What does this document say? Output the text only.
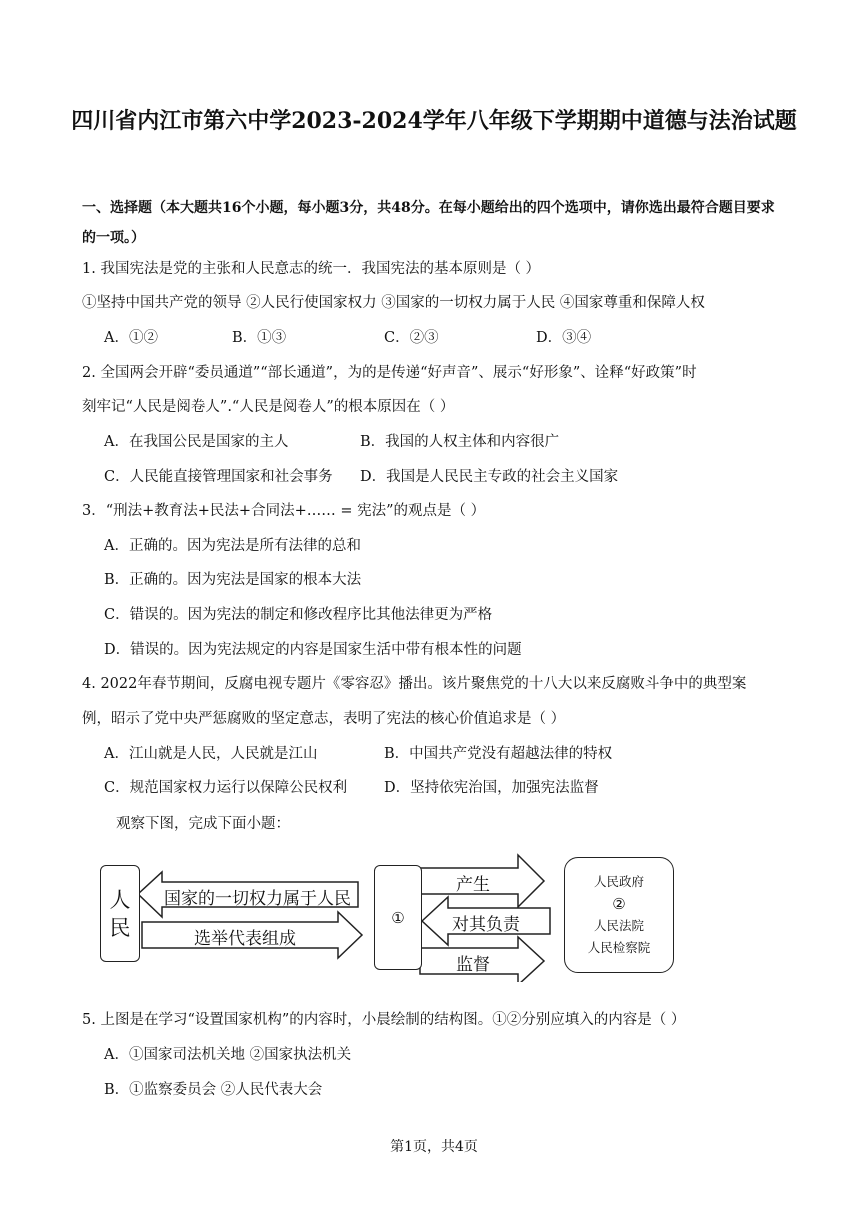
四川省内江市第六中学2023-2024学年八年级下学期期中道德与法治试题
一、选择题（本大题共16个小题，每小题3分，共48分。在每小题给出的四个选项中，请你选出最符合题目要求的一项。）
1. 我国宪法是党的主张和人民意志的统一．我国宪法的基本原则是（ ）
①坚持中国共产党的领导 ②人民行使国家权力 ③国家的一切权力属于人民 ④国家尊重和保障人权
A．①②	B．①③	C．②③	D．③④
2. 全国两会开辟“委员通道”“部长通道”，为的是传递“好声音”、展示“好形象”、诠释“好政策”时
刻牢记“人民是阅卷人”.“人民是阅卷人”的根本原因在（ ）
A．在我国公民是国家的主人	B．我国的人权主体和内容很广
C．人民能直接管理国家和社会事务 D．我国是人民民主专政的社会主义国家
3．“刑法+教育法+民法+合同法+…… = 宪法”的观点是（ ）
A．正确的。因为宪法是所有法律的总和
B．正确的。因为宪法是国家的根本大法
C．错误的。因为宪法的制定和修改程序比其他法律更为严格
D．错误的。因为宪法规定的内容是国家生活中带有根本性的问题
4. 2022年春节期间，反腐电视专题片《零容忍》播出。该片聚焦党的十八大以来反腐败斗争中的典型案
例，昭示了党中央严惩腐败的坚定意志，表明了宪法的核心价值追求是（ ）
A．江山就是人民，人民就是江山	B．中国共产党没有超越法律的特权
C．规范国家权力运行以保障公民权利	D．坚持依宪治国，加强宪法监督
观察下图，完成下面小题：
人
民	①
人民政府
②
人民法院
人民检察院
国家的一切权力属于人民
选举代表组成
产生
对其负责
监督
5. 上图是在学习“设置国家机构”的内容时，小晨绘制的结构图。①②分别应填入的内容是（ ）
A．①国家司法机关地 ②国家执法机关
B．①监察委员会 ②人民代表大会
第1页，共4页
